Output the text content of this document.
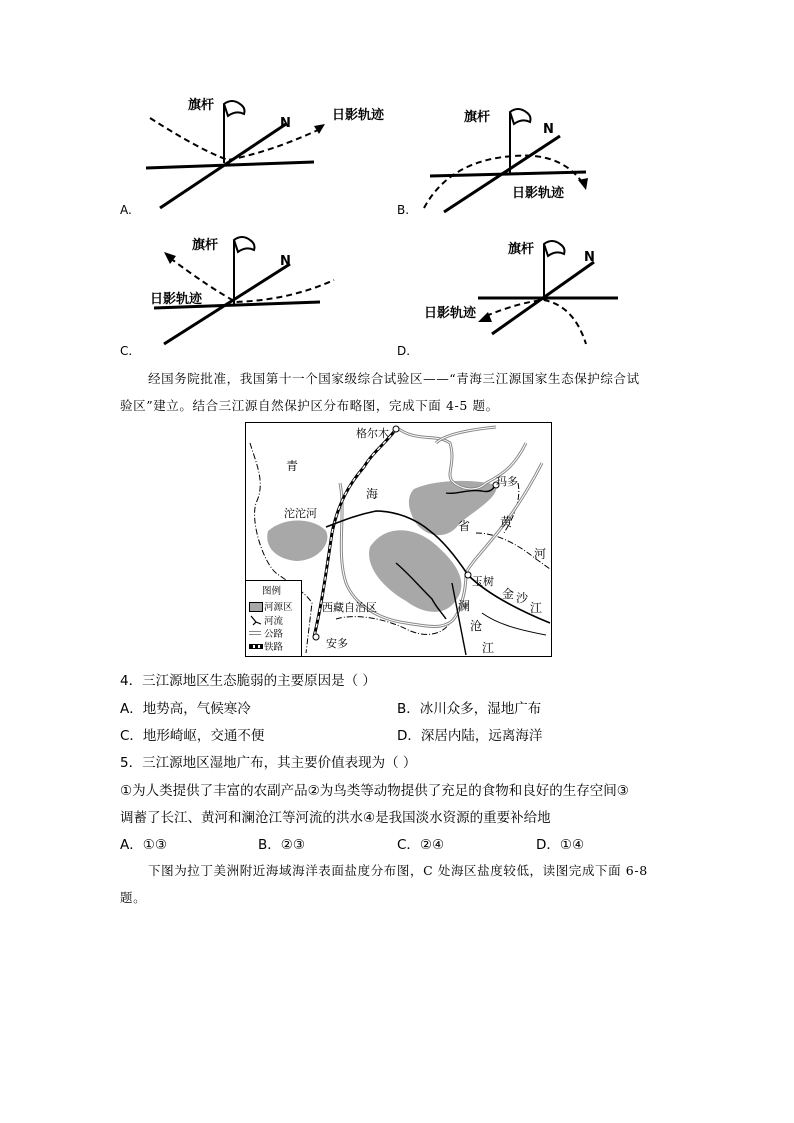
旗杆
N
日影轨迹
A.
旗杆
N
日影轨迹
B.
旗杆
N
日影轨迹
C.
旗杆
N
日影轨迹
D.
经国务院批准，我国第十一个国家级综合试验区——“青海三江源国家生态保护综合试
验区”建立。结合三江源自然保护区分布略图，完成下面 4-5 题。
格尔木
青
海
省
沱沱河
玛多
黄
河
玉树
金 沙
江
澜
沧
江
西藏自治区
安多
图例
河源区
河流
公路
铁路
4．三江源地区生态脆弱的主要原因是（ ）
A．地势高，气候寒冷	B．冰川众多，湿地广布
C．地形崎岖，交通不便	D．深居内陆，远离海洋
5．三江源地区湿地广布，其主要价值表现为（ ）
①为人类提供了丰富的农副产品②为鸟类等动物提供了充足的食物和良好的生存空间③
调蓄了长江、黄河和澜沧江等河流的洪水④是我国淡水资源的重要补给地
A．①③	B．②③	C．②④	D．①④
下图为拉丁美洲附近海域海洋表面盐度分布图，C 处海区盐度较低，读图完成下面 6-8
题。
